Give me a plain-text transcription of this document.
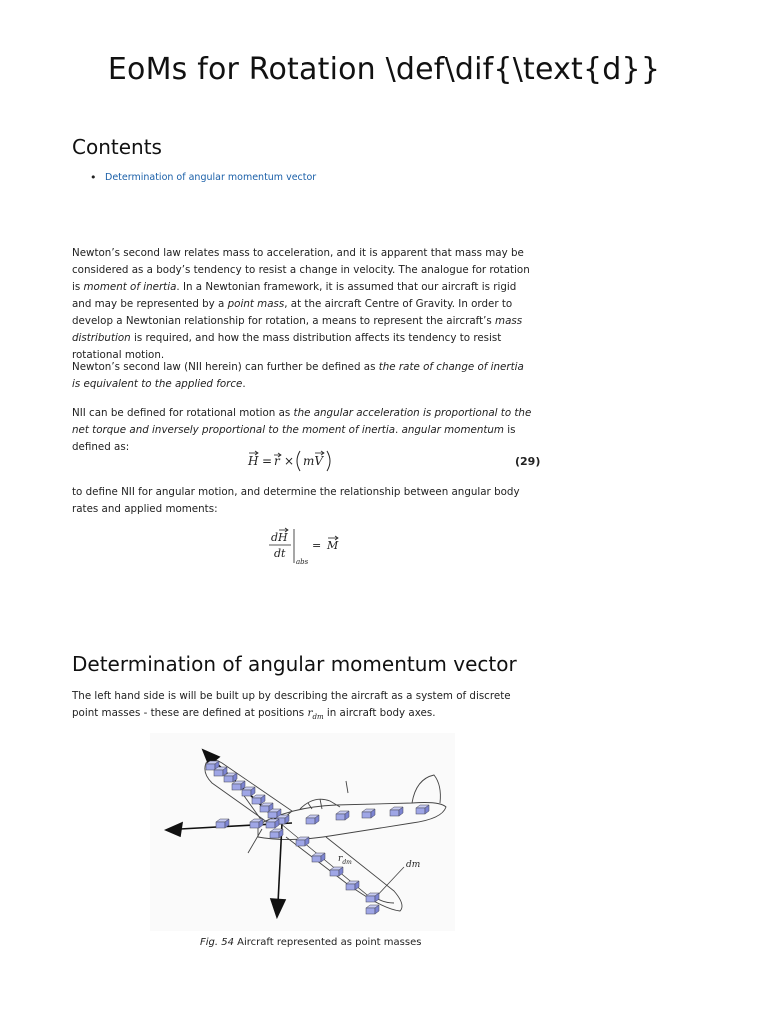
EoMs for Rotation \def\dif{\text{d}}
Contents
• Determination of angular momentum vector

Newton’s second law relates mass to acceleration, and it is apparent that mass may be considered as a body’s tendency to resist a change in velocity. The analogue for rotation is moment of inertia. In a Newtonian framework, it is assumed that our aircraft is rigid and may be represented by a point mass, at the aircraft Centre of Gravity. In order to develop a Newtonian relationship for rotation, a means to represent the aircraft’s mass distribution is required, and how the mass distribution affects its tendency to resist rotational motion.

Newton’s second law (NII herein) can further be defined as the rate of change of inertia is equivalent to the applied force.

NII can be defined for rotational motion as the angular acceleration is proportional to the net torque and inversely proportional to the moment of inertia. angular momentum is defined as:

H = r × mV	(29)

to define NII for angular motion, and determine the relationship between angular body rates and applied moments:

dH
dt
abs
= M
Determination of angular momentum vector

The left hand side is will be built up by describing the aircraft as a system of discrete point masses - these are defined at positions $r_{dm}$ in aircraft body axes.

$r_{dm}$	dm

Fig. 54 Aircraft represented as point masses
